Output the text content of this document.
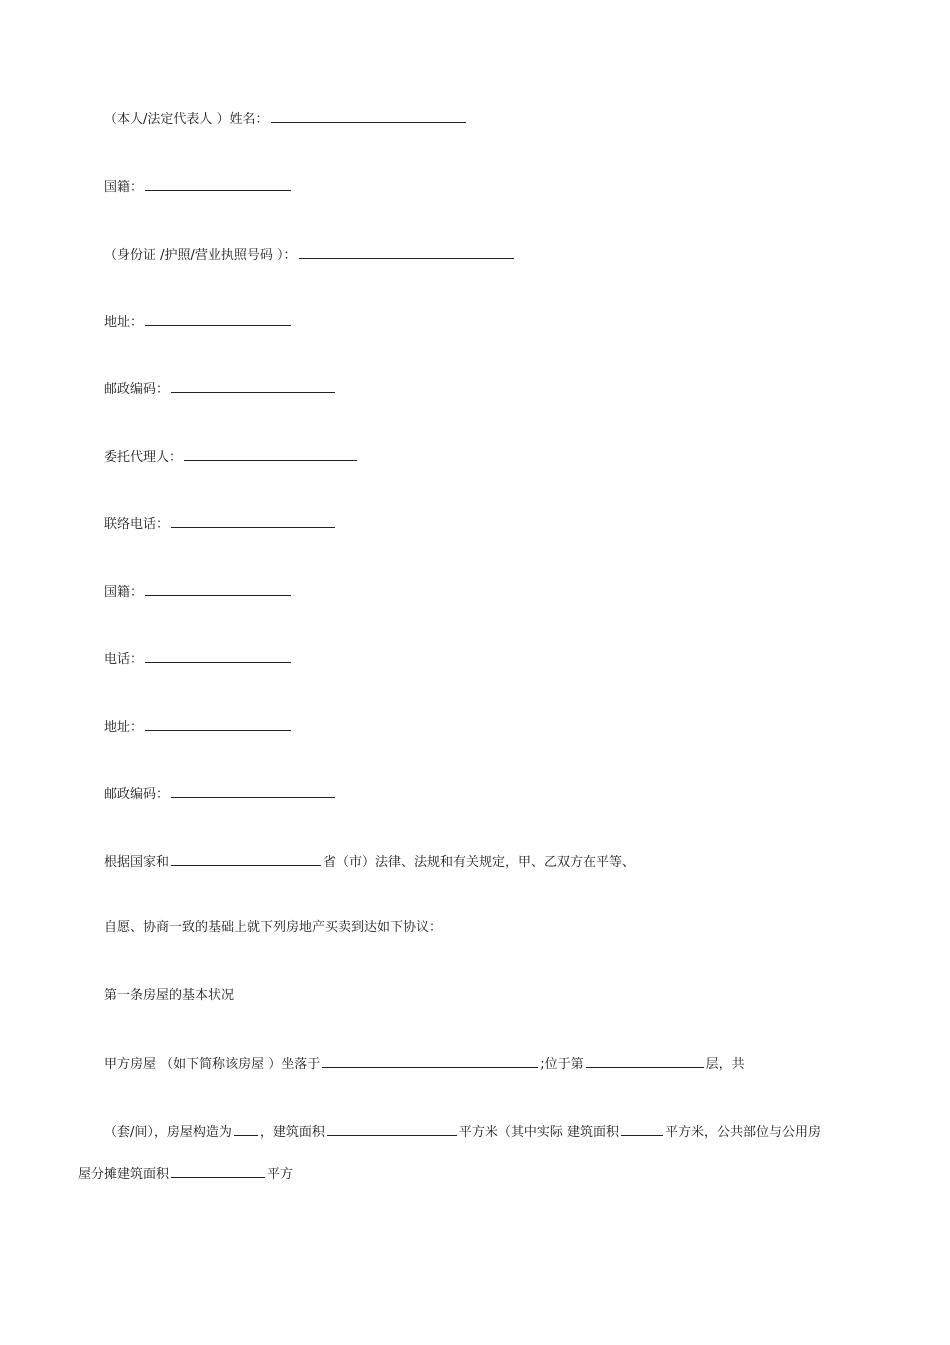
（本人/法定代表人 ）姓名：
国籍：
（身份证 /护照/营业执照号码 ）：
地址：
邮政编码：
委托代理人：
联络电话：
国籍：
电话：
地址：
邮政编码：
根据国家和	省（市）法律、法规和有关规定，甲、乙双方在平等、
自愿、协商一致的基础上就下列房地产买卖到达如下协议：
第一条房屋的基本状况
甲方房屋 （如下简称该房屋 ）坐落于	;位于第	层，共
（套/间），房屋构造为 ，建筑面积	平方米（其中实际 建筑面积	平方米，公共部位与公用房
屋分摊建筑面积	平方
